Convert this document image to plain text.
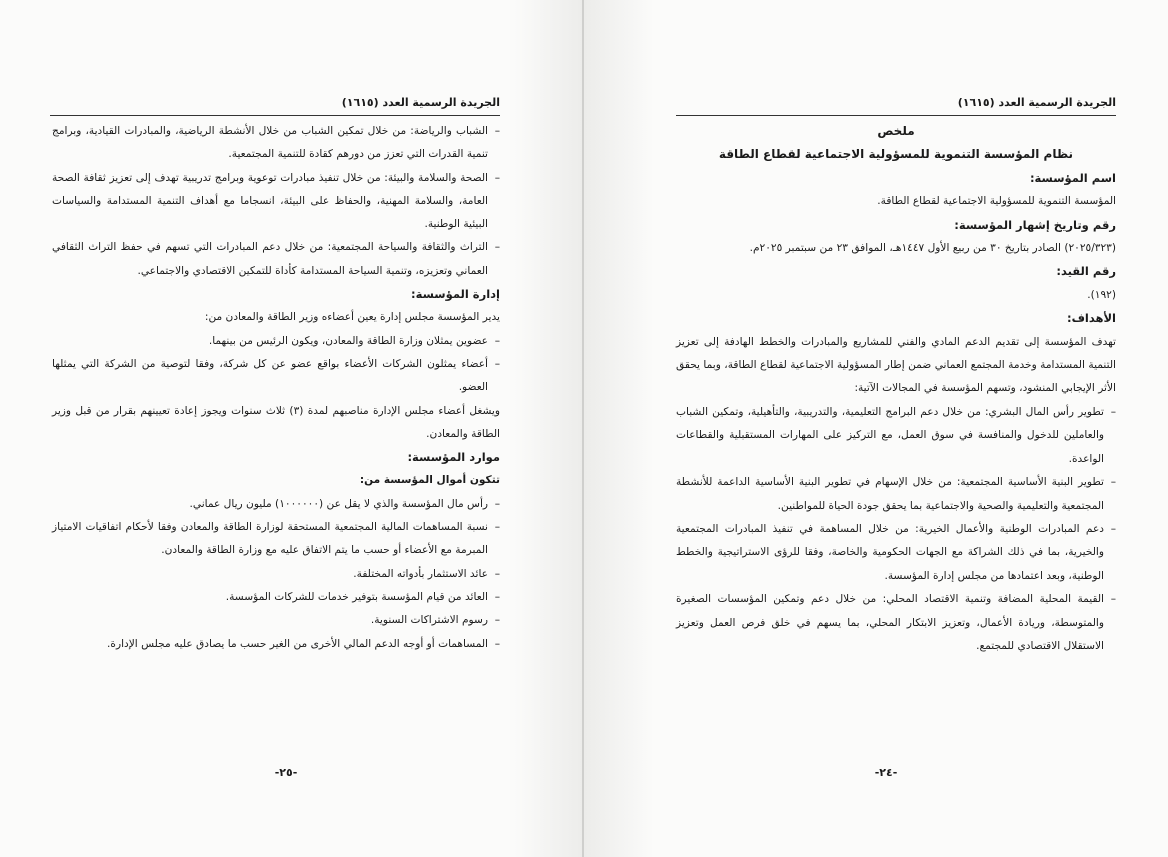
الجريدة الرسمية العدد (١٦١٥)

– الشباب والرياضة: من خلال تمكين الشباب من خلال الأنشطة الرياضية، والمبادرات القيادية، وبرامج تنمية القدرات التي تعزز من دورهم كقادة للتنمية المجتمعية.

– الصحة والسلامة والبيئة: من خلال تنفيذ مبادرات توعوية وبرامج تدريبية تهدف إلى تعزيز ثقافة الصحة العامة، والسلامة المهنية، والحفاظ على البيئة، انسجاما مع أهداف التنمية المستدامة والسياسات البيئية الوطنية.

– التراث والثقافة والسياحة المجتمعية: من خلال دعم المبادرات التي تسهم في حفظ التراث الثقافي العماني وتعزيزه، وتنمية السياحة المستدامة كأداة للتمكين الاقتصادي والاجتماعي.

إدارة المؤسسة:

يدير المؤسسة مجلس إدارة يعين أعضاءه وزير الطاقة والمعادن من:

– عضوين يمثلان وزارة الطاقة والمعادن، ويكون الرئيس من بينهما.

– أعضاء يمثلون الشركات الأعضاء بواقع عضو عن كل شركة، وفقا لتوصية من الشركة التي يمثلها العضو.

ويشغل أعضاء مجلس الإدارة مناصبهم لمدة (٣) ثلاث سنوات ويجوز إعادة تعيينهم بقرار من قبل وزير الطاقة والمعادن.

موارد المؤسسة:

تتكون أموال المؤسسة من:

– رأس مال المؤسسة والذي لا يقل عن (١٠٠٠٠٠٠) مليون ريال عماني.

– نسبة المساهمات المالية المجتمعية المستحقة لوزارة الطاقة والمعادن وفقا لأحكام اتفاقيات الامتياز المبرمة مع الأعضاء أو حسب ما يتم الاتفاق عليه مع وزارة الطاقة والمعادن.

– عائد الاستثمار بأدواته المختلفة.

– العائد من قيام المؤسسة بتوفير خدمات للشركات المؤسسة.

– رسوم الاشتراكات السنوية.

– المساهمات أو أوجه الدعم المالي الأخرى من الغير حسب ما يصادق عليه مجلس الإدارة.

-٢٥-
الجريدة الرسمية العدد (١٦١٥)

ملخص

نظام المؤسسة التنموية للمسؤولية الاجتماعية لقطاع الطاقة

اسم المؤسسة:

المؤسسة التنموية للمسؤولية الاجتماعية لقطاع الطاقة.

رقم وتاريخ إشهار المؤسسة:

(٢٠٢٥/٣٢٣) الصادر بتاريخ ٣٠ من ربيع الأول ١٤٤٧هـ، الموافق ٢٣ من سبتمبر ٢٠٢٥م.

رقم القيد:

(١٩٢).

الأهداف:

تهدف المؤسسة إلى تقديم الدعم المادي والفني للمشاريع والمبادرات والخطط الهادفة إلى تعزيز التنمية المستدامة وخدمة المجتمع العماني ضمن إطار المسؤولية الاجتماعية لقطاع الطاقة، وبما يحقق الأثر الإيجابي المنشود، وتسهم المؤسسة في المجالات الآتية:

– تطوير رأس المال البشري: من خلال دعم البرامج التعليمية، والتدريبية، والتأهيلية، وتمكين الشباب والعاملين للدخول والمنافسة في سوق العمل، مع التركيز على المهارات المستقبلية والقطاعات الواعدة.

– تطوير البنية الأساسية المجتمعية: من خلال الإسهام في تطوير البنية الأساسية الداعمة للأنشطة المجتمعية والتعليمية والصحية والاجتماعية بما يحقق جودة الحياة للمواطنين.

– دعم المبادرات الوطنية والأعمال الخيرية: من خلال المساهمة في تنفيذ المبادرات المجتمعية والخيرية، بما في ذلك الشراكة مع الجهات الحكومية والخاصة، وفقا للرؤى الاستراتيجية والخطط الوطنية، وبعد اعتمادها من مجلس إدارة المؤسسة.

– القيمة المحلية المضافة وتنمية الاقتصاد المحلي: من خلال دعم وتمكين المؤسسات الصغيرة والمتوسطة، وريادة الأعمال، وتعزيز الابتكار المحلي، بما يسهم في خلق فرص العمل وتعزيز الاستقلال الاقتصادي للمجتمع.

-٢٤-
